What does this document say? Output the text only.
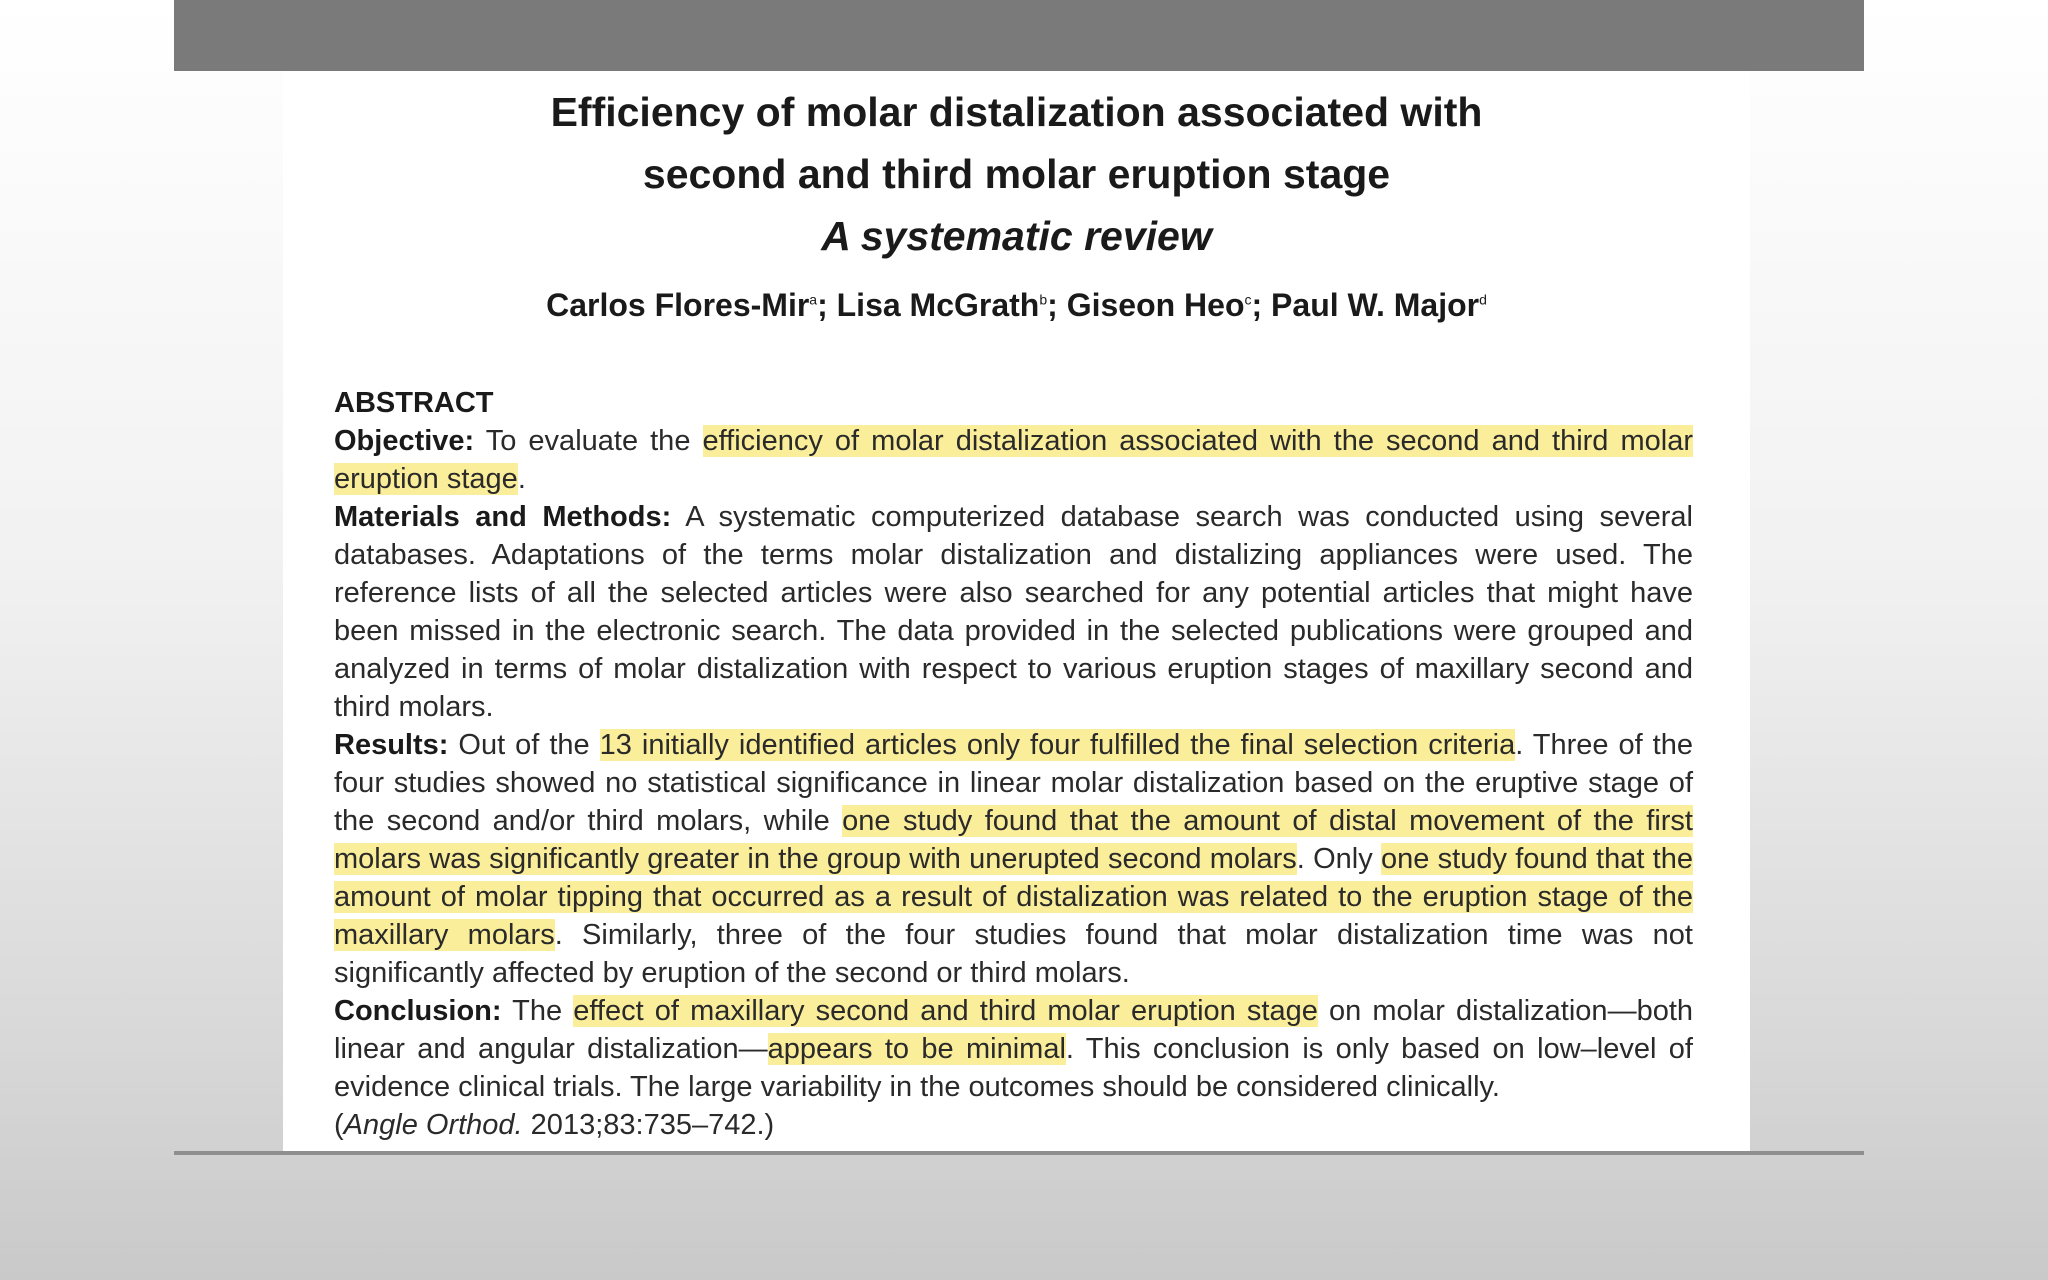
Efficiency of molar distalization associated with
second and third molar eruption stage
A systematic review
Carlos Flores-Mir$^a$; Lisa McGrath$^b$; Giseon Heo$^c$; Paul W. Major$^d$
ABSTRACT

Objective: To evaluate the efficiency of molar distalization associated with the second and third molar eruption stage.

Materials and Methods: A systematic computerized database search was conducted using several databases. Adaptations of the terms molar distalization and distalizing appliances were used. The reference lists of all the selected articles were also searched for any potential articles that might have been missed in the electronic search. The data provided in the selected publications were grouped and analyzed in terms of molar distalization with respect to various eruption stages of maxillary second and third molars.

Results: Out of the 13 initially identified articles only four fulfilled the final selection criteria. Three of the four studies showed no statistical significance in linear molar distalization based on the eruptive stage of the second and/or third molars, while one study found that the amount of distal movement of the first molars was significantly greater in the group with unerupted second molars. Only one study found that the amount of molar tipping that occurred as a result of distalization was related to the eruption stage of the maxillary molars. Similarly, three of the four studies found that molar distalization time was not significantly affected by eruption of the second or third molars.

Conclusion: The effect of maxillary second and third molar eruption stage on molar distalization—both linear and angular distalization—appears to be minimal. This conclusion is only based on low–level of evidence clinical trials. The large variability in the outcomes should be considered clinically.

(Angle Orthod. 2013;83:735–742.)
